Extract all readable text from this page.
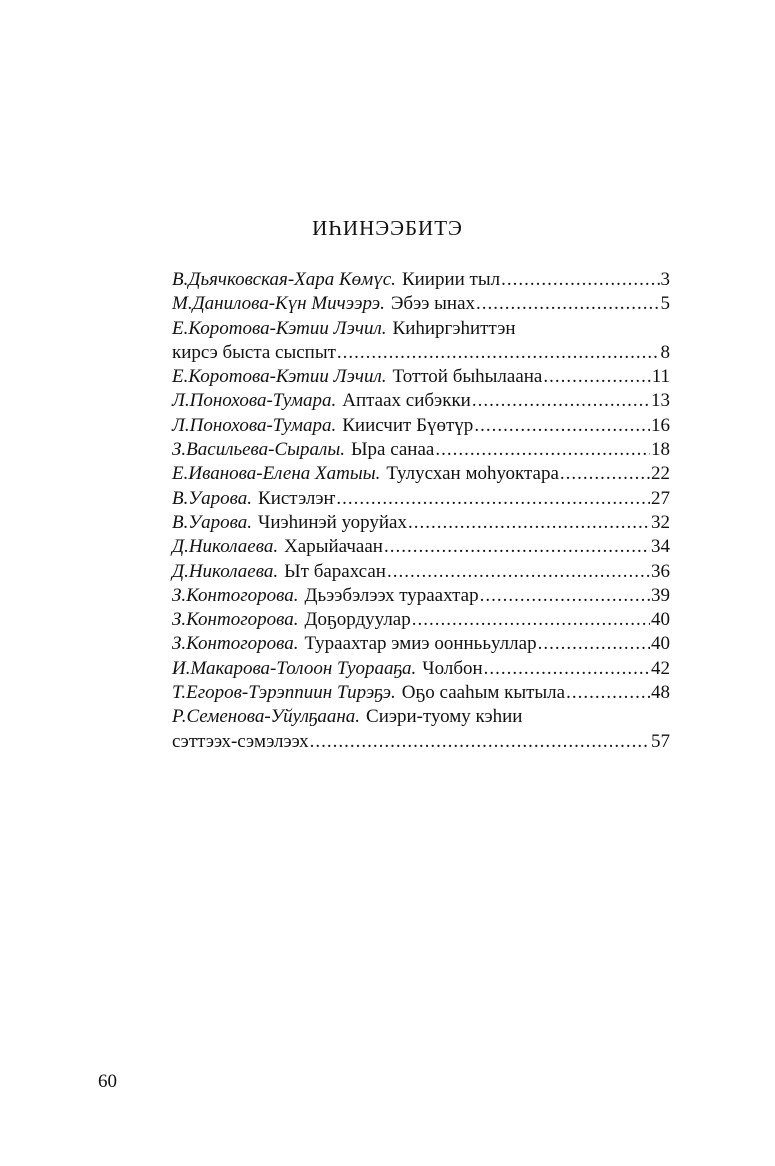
ИҺИНЭЭБИТЭ
В.Дьячковская-Хара Көмүс. Киирии тыл .....	3
М.Данилова-Күн Мичээрэ. Эбээ ынах .....	5
Е.Коротова-Кэтии Лэчил. Киһиргэһиттэн
кирсэ быста сыспыт .....	8
Е.Коротова-Кэтии Лэчил. Тоттой быһылаана .....	11
Л.Понохова-Тумара. Аптаах сибэкки .....	13
Л.Понохова-Тумара. Киисчит Бүөтүр .....	16
З.Васильева-Сыралы. Ыра санаа .....	18
Е.Иванова-Елена Хатыы. Тулусхан моһуоктара .....	22
В.Уарова. Кистэлэҥ .....	27
В.Уарова. Чиэһинэй уоруйах .....	32
Д.Николаева. Харыйачаан .....	34
Д.Николаева. Ыт барахсан .....	36
З.Контогорова. Дьээбэлээх тураахтар .....	39
З.Контогорова. Доҕордуулар .....	40
З.Контогорова. Тураахтар эмиэ ооннььуллар .....	40
И.Макарова-Толоон Туорааҕа. Чолбон .....	42
Т.Егоров-Тэрэппиин Тирэҕэ. Оҕо сааһым кытыла .....	48
Р.Семенова-Уйулҕаана. Сиэри-туому кэһии
сэттээх-сэмэлээх .....	57
60
